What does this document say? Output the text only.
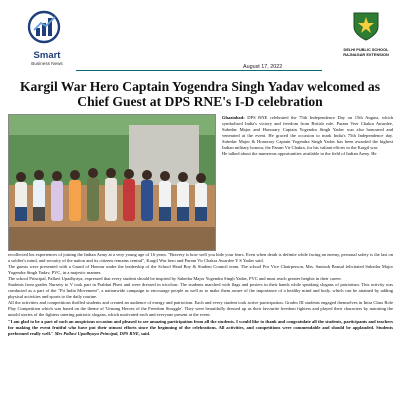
Smart
Business News
August 17, 2022
DELHI PUBLIC SCHOOL
RAJNAGAR EXTENSION
Kargil War Hero Captain Yogendra Singh Yadav welcomed as Chief Guest at DPS RNE's I-D celebration

Ghaziabad: DPS RNE celebrated the 75th Independence Day on 15th August, which symbolised India's victory and freedom from British rule. Param Veer Chakra Awardee, Subedar Major and Honorary Captain Yogendra Singh Yadav was also honoured and venerated at the event. He graced the occasion to mark India's 75th Independence day. Subedar Major & Honorary Captain Yogendra Singh Yadav has been awarded the highest Indian military honour, the Param Vir Chakra, for his valiant efforts in the Kargil war.

He talked about the numerous opportunities available in the field of Indian Army. He

recollected his experiences of joining the Indian Army at a very young age of 16 years. "Bravery is how well you hide your fears. Even when death is definite while facing an enemy, personal safety is the last on a soldier's mind, and security of the nation and its citizens remains central", Kargil War hero and Param Vir Chakra Awardee Y S Yadav said.

The guests were presented with a Guard of Honour under the leadership of the School Head Boy & Student Council team. The school Pro Vice Chairperson, Mrs. Santosh Bansal felicitated Subedar Major Yogendra Singh Yadav, PVC, in a majestic manner.

The school Principal, Pallavi Upadhyaya, expressed that every student should be inspired by Subedar Major Yogendra Singh Yadav, PVC and must reach greater heights in their career.

Students from grades Nursery to V took part in Prabhat Pheri and were dressed in tricolour. The students marched with flags and posters in their hands while speaking slogans of patriotism. This activity was conducted as a part of the "Fit India Movement", a nationwide campaign to encourage people as well as to make them aware of the importance of a healthy mind and body, which can be attained by adding physical activities and sports to the daily routine.

All the activities and competitions thrilled students and created an audience of energy and patriotism. Each and every student took active participation. Grades III students engaged themselves in Intra Class Role Play Competition which was based on the theme of 'Unsung Heroes of the Freedom Struggle'. They were beautifully dressed up as their favourite freedom fighters and played their characters by narrating the untold stories of the fighters uttering patriotic slogans, which motivated each and everyone present at the event.

"I am glad to be a part of such an auspicious occasion and pleased to see amazing participation from all the students. I would like to thank and congratulate all the students, participants and teachers for making the event fruitful who have put their utmost efforts since the beginning of the celebrations. All activities, and competitions were commendable and should be applauded. Students performed really well." Mrs Pallavi Upadhyaya Principal, DPS RNE, said.
